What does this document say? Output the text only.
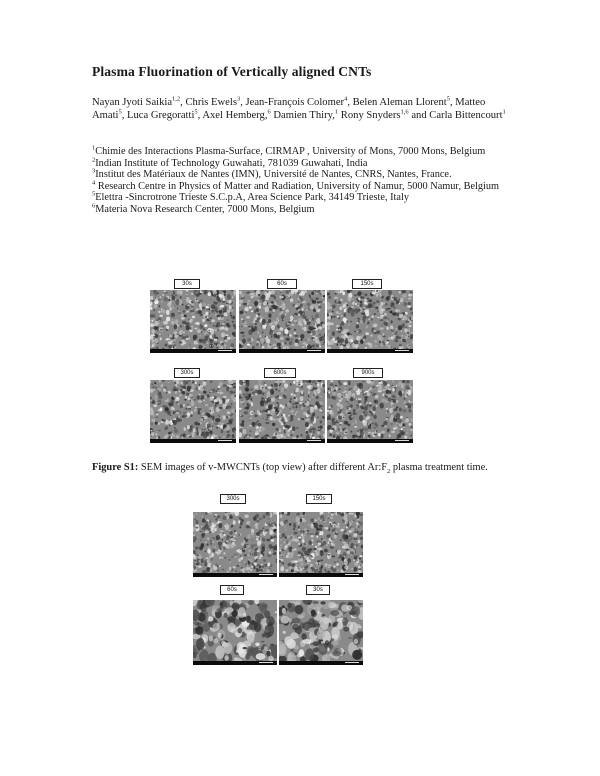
Plasma Fluorination of Vertically aligned CNTs
Nayan Jyoti Saikia$^{1,2}$, Chris Ewels$^3$, Jean-François Colomer$^4$, Belen Aleman Llorent$^5$, Matteo Amati$^5$, Luca Gregoratti$^5$, Axel Hemberg,$^6$ Damien Thiry,$^1$ Rony Snyders$^{1,6}$ and Carla Bittencourt$^1$
$^1$Chimie des Interactions Plasma-Surface, CIRMAP , University of Mons, 7000 Mons, Belgium
$^2$Indian Institute of Technology Guwahati, 781039 Guwahati, India
$^3$Institut des Matériaux de Nantes (IMN), Université de Nantes, CNRS, Nantes, France.
$^4$ Research Centre in Physics of Matter and Radiation, University of Namur, 5000 Namur, Belgium
$^5$Elettra -Sincrotrone Trieste S.C.p.A, Area Science Park, 34149 Trieste, Italy
$^6$Materia Nova Research Center, 7000 Mons, Belgium
30s	60s	150s
300s	600s	900s
Figure S1: SEM images of v-MWCNTs (top view) after different $Ar:F_2$ plasma treatment time.
300s	150s
60s	30s
